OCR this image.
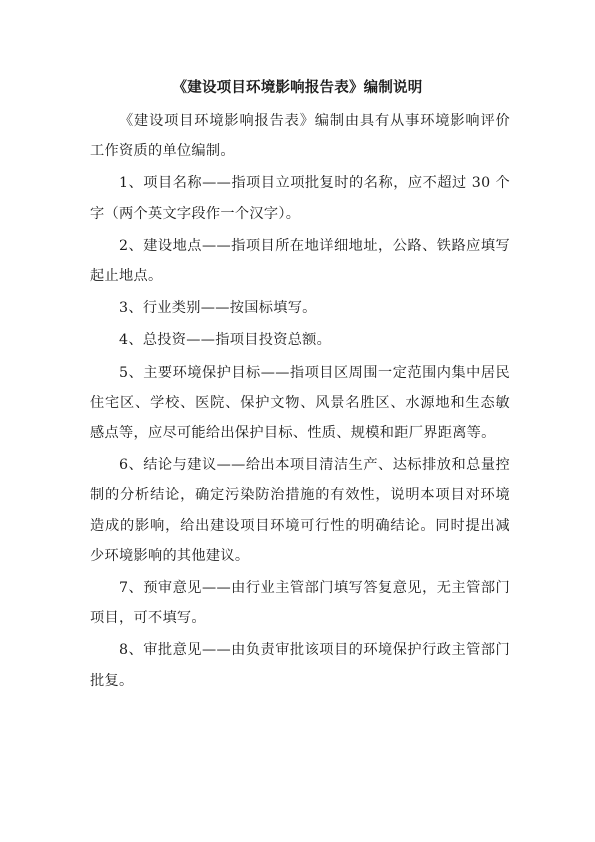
《建设项目环境影响报告表》编制说明

《建设项目环境影响报告表》编制由具有从事环境影响评价工作资质的单位编制。

1、项目名称——指项目立项批复时的名称，应不超过 30 个字（两个英文字段作一个汉字）。

2、建设地点——指项目所在地详细地址，公路、铁路应填写起止地点。

3、行业类别——按国标填写。

4、总投资——指项目投资总额。

5、主要环境保护目标——指项目区周围一定范围内集中居民住宅区、学校、医院、保护文物、风景名胜区、水源地和生态敏感点等，应尽可能给出保护目标、性质、规模和距厂界距离等。

6、结论与建议——给出本项目清洁生产、达标排放和总量控制的分析结论，确定污染防治措施的有效性，说明本项目对环境造成的影响，给出建设项目环境可行性的明确结论。同时提出减少环境影响的其他建议。

7、预审意见——由行业主管部门填写答复意见，无主管部门项目，可不填写。

8、审批意见——由负责审批该项目的环境保护行政主管部门批复。
